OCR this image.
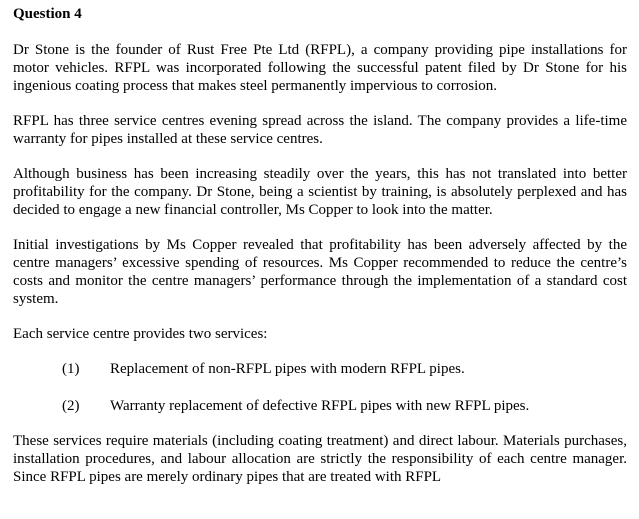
Question 4

Dr Stone is the founder of Rust Free Pte Ltd (RFPL), a company providing pipe installations for motor vehicles. RFPL was incorporated following the successful patent filed by Dr Stone for his ingenious coating process that makes steel permanently impervious to corrosion.

RFPL has three service centres evening spread across the island. The company provides a life-time warranty for pipes installed at these service centres.

Although business has been increasing steadily over the years, this has not translated into better profitability for the company. Dr Stone, being a scientist by training, is absolutely perplexed and has decided to engage a new financial controller, Ms Copper to look into the matter.

Initial investigations by Ms Copper revealed that profitability has been adversely affected by the centre managers’ excessive spending of resources. Ms Copper recommended to reduce the centre’s costs and monitor the centre managers’ performance through the implementation of a standard cost system.

Each service centre provides two services:

(1)	Replacement of non-RFPL pipes with modern RFPL pipes.
(2)	Warranty replacement of defective RFPL pipes with new RFPL pipes.

These services require materials (including coating treatment) and direct labour. Materials purchases, installation procedures, and labour allocation are strictly the responsibility of each centre manager. Since RFPL pipes are merely ordinary pipes that are treated with RFPL
